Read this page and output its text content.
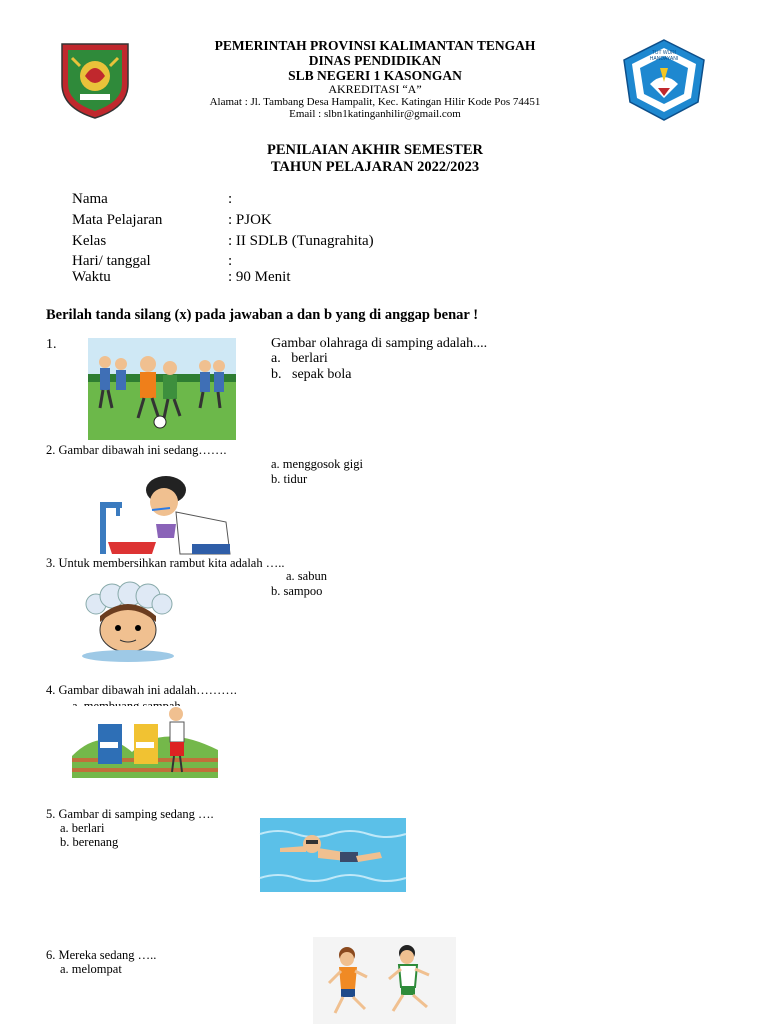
TUT WURI HANDAYANI
PEMERINTAH PROVINSI KALIMANTAN TENGAH
DINAS PENDIDIKAN
SLB NEGERI 1 KASONGAN
AKREDITASI “A”
Alamat : Jl. Tambang Desa Hampalit, Kec. Katingan Hilir Kode Pos 74451
Email : slbn1katinganhilir@gmail.com
PENILAIAN AKHIR SEMESTER
TAHUN PELAJARAN 2022/2023
Nama	:
Mata Pelajaran	: PJOK
Kelas	: II SDLB (Tunagrahita)
Hari/ tanggal	:
Waktu	: 90 Menit
Berilah tanda silang (x) pada jawaban a dan b yang di anggap benar !
1.	Gambar olahraga di samping adalah....
a.   berlari
b.   sepak bola
2. Gambar dibawah ini sedang…….
a. menggosok gigi
b. tidur
3. Untuk membersihkan rambut kita adalah …..
a. sabun
b. sampoo
4. Gambar dibawah ini adalah……….
5. Gambar di samping sedang ….
a. berlari
b. berenang
6. Mereka sedang …..
a. melompat
